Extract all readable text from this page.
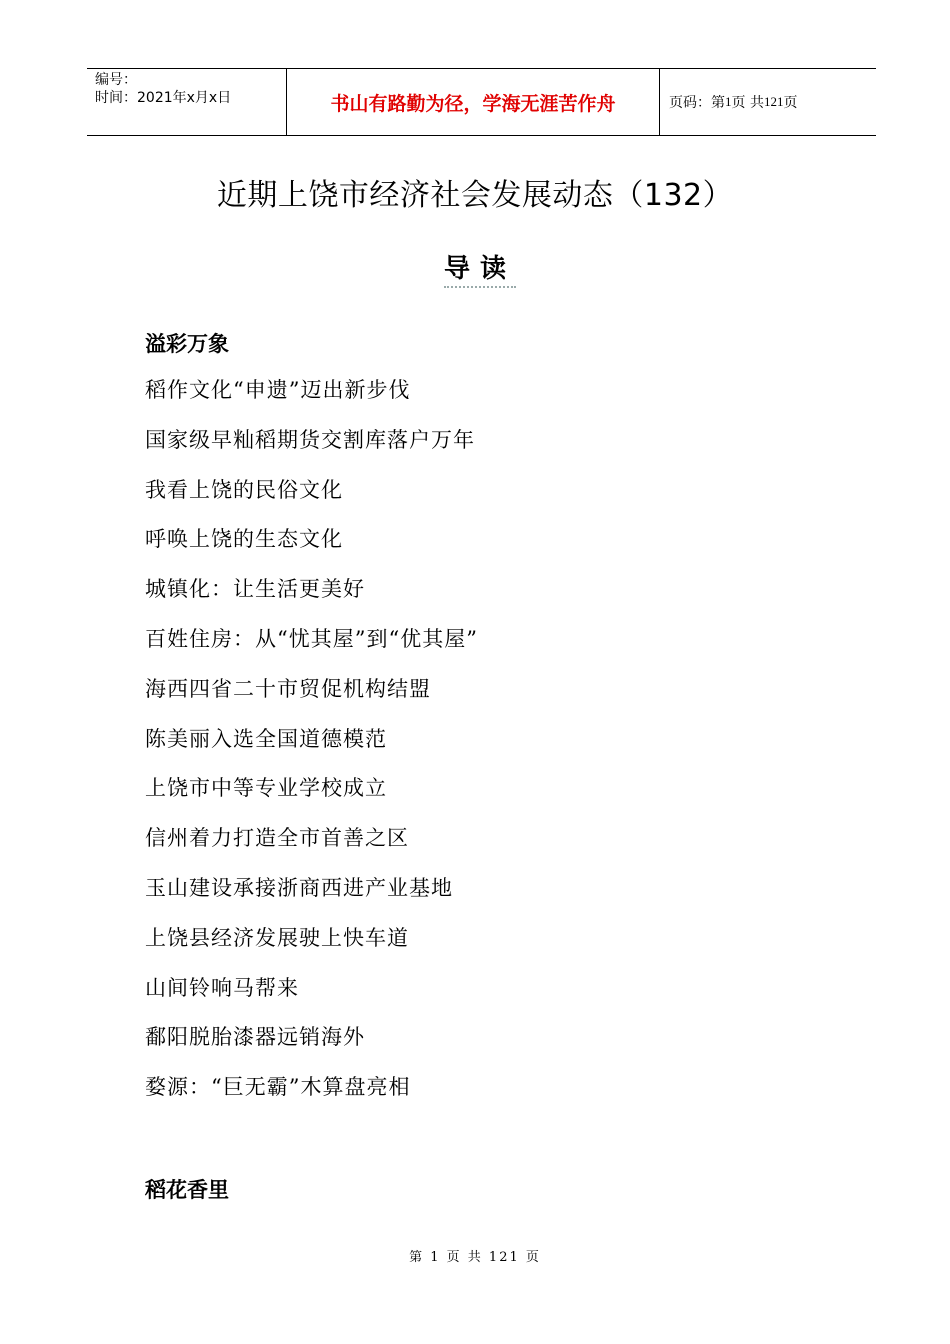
编号：
时间：2021年x月x日	书山有路勤为径，学海无涯苦作舟	页码：第 1 页 共 121 页
近期上饶市经济社会发展动态（132）
导读
溢彩万象
稻作文化“申遗”迈出新步伐
国家级早籼稻期货交割库落户万年
我看上饶的民俗文化
呼唤上饶的生态文化
城镇化：让生活更美好
百姓住房：从“忧其屋”到“优其屋”
海西四省二十市贸促机构结盟
陈美丽入选全国道德模范
上饶市中等专业学校成立
信州着力打造全市首善之区
玉山建设承接浙商西进产业基地
上饶县经济发展驶上快车道
山间铃响马帮来
鄱阳脱胎漆器远销海外
婺源：“巨无霸”木算盘亮相
稻花香里
第 1 页 共 121 页
